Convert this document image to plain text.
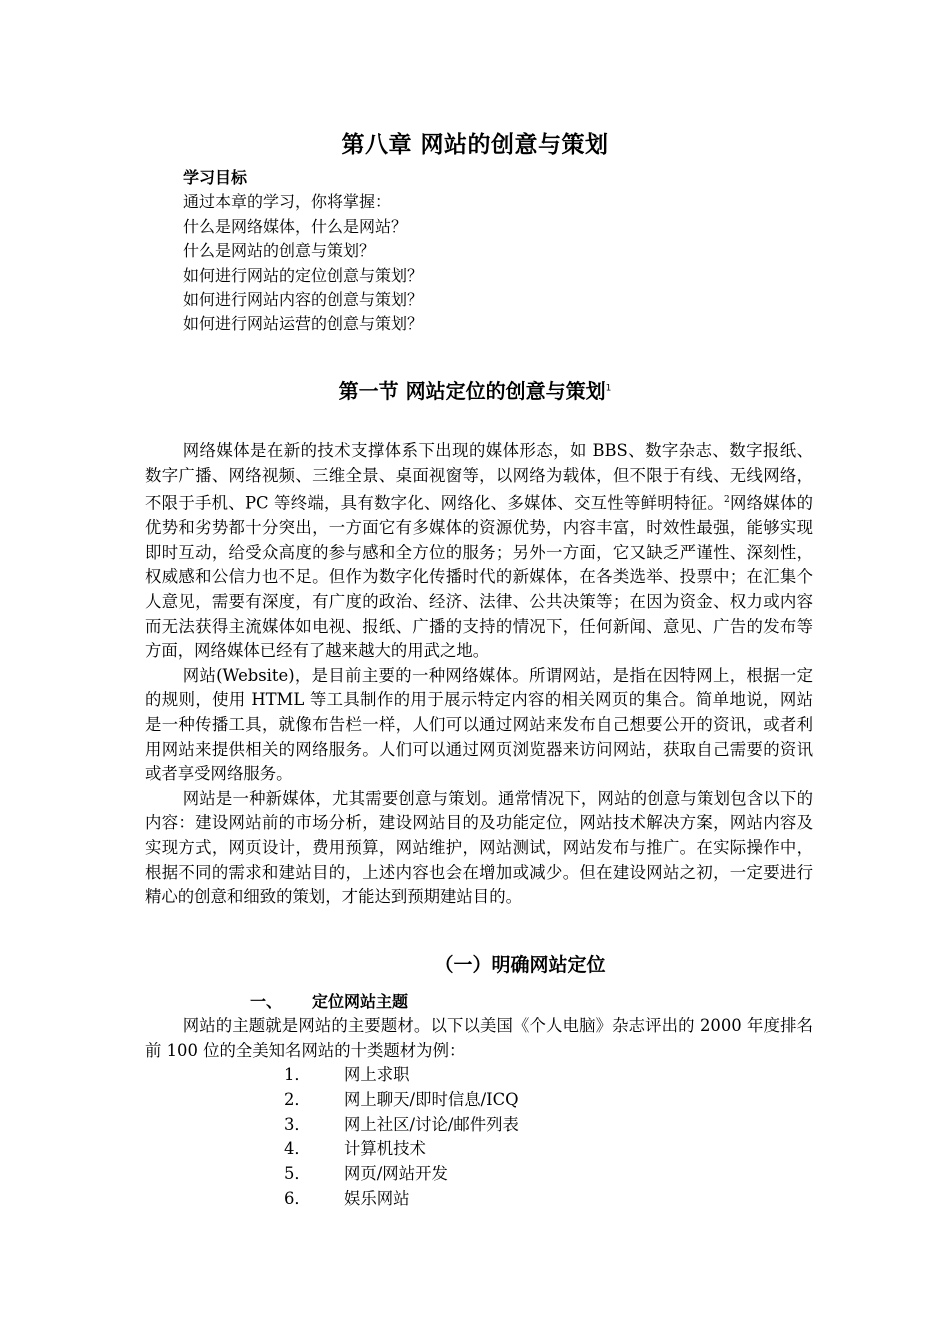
第八章 网站的创意与策划
学习目标
通过本章的学习，你将掌握：
什么是网络媒体，什么是网站？
什么是网站的创意与策划？
如何进行网站的定位创意与策划？
如何进行网站内容的创意与策划？
如何进行网站运营的创意与策划？
第一节 网站定位的创意与策划$^1$

网络媒体是在新的技术支撑体系下出现的媒体形态，如 BBS、数字杂志、数字报纸、数字广播、网络视频、三维全景、桌面视窗等，以网络为载体，但不限于有线、无线网络，不限于手机、PC 等终端，具有数字化、网络化、多媒体、交互性等鲜明特征。$^2$网络媒体的优势和劣势都十分突出，一方面它有多媒体的资源优势，内容丰富，时效性最强，能够实现即时互动，给受众高度的参与感和全方位的服务；另外一方面，它又缺乏严谨性、深刻性，权威感和公信力也不足。但作为数字化传播时代的新媒体，在各类选举、投票中；在汇集个人意见，需要有深度，有广度的政治、经济、法律、公共决策等；在因为资金、权力或内容而无法获得主流媒体如电视、报纸、广播的支持的情况下，任何新闻、意见、广告的发布等方面，网络媒体已经有了越来越大的用武之地。

网站(Website)，是目前主要的一种网络媒体。所谓网站，是指在因特网上，根据一定的规则，使用 HTML 等工具制作的用于展示特定内容的相关网页的集合。简单地说，网站是一种传播工具，就像布告栏一样，人们可以通过网站来发布自己想要公开的资讯，或者利用网站来提供相关的网络服务。人们可以通过网页浏览器来访问网站，获取自己需要的资讯或者享受网络服务。

网站是一种新媒体，尤其需要创意与策划。通常情况下，网站的创意与策划包含以下的内容：建设网站前的市场分析，建设网站目的及功能定位，网站技术解决方案，网站内容及实现方式，网页设计，费用预算，网站维护，网站测试，网站发布与推广。在实际操作中，根据不同的需求和建站目的，上述内容也会在增加或减少。但在建设网站之初，一定要进行精心的创意和细致的策划，才能达到预期建站目的。

（一）明确网站定位
一、 定位网站主题

网站的主题就是网站的主要题材。以下以美国《个人电脑》杂志评出的 2000 年度排名前 100 位的全美知名网站的十类题材为例：

1． 网上求职
2． 网上聊天/即时信息/ICQ
3． 网上社区/讨论/邮件列表
4． 计算机技术
5． 网页/网站开发
6． 娱乐网站
